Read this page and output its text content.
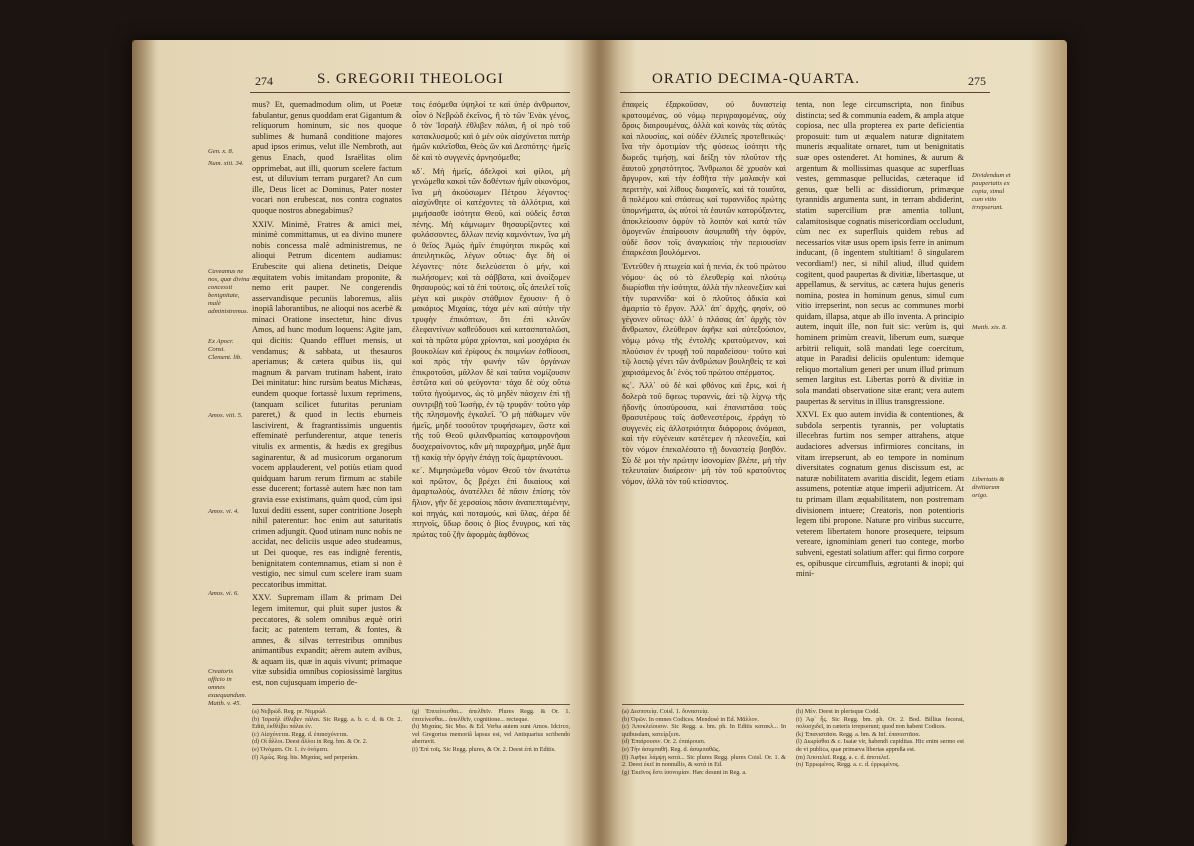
274	S. GREGORII THEOLOGI
Gen. x. 8.
Num. xiii. 34.
Caveamus ne nos, quæ divina concessit benignitate, malè administremus.
Ex Apocr. Const. Clement. lib.
Amos. viii. 5.
Amos. vi. 4.
Amos. vi. 6.
Creatoris officio in omnes exaequandum. Matth. v. 45.

mus? Et, quemadmodum olim, ut Poetæ fabulantur, genus quoddam erat Gigantum & reliquorum hominum, sic nos quoque sublimes & humanâ conditione majores apud ipsos erimus, velut ille Nembroth, aut genus Enach, quod Israëlitas olim opprimebat, aut illi, quorum scelere factum est, ut diluvium terram purgaret? An cum ille, Deus licet ac Dominus, Pater noster vocari non erubescat, nos contra cognatos quoque nostros abnegabimus?

XXIV. Minimè, Fratres & amici mei, minimè committamus, ut ea divino munere nobis concessa malè administremus, ne alioqui Petrum dicentem audiamus: Erubescite qui aliena detinetis, Deique æquitatem vobis imitandam proponite, & nemo erit pauper. Ne congerendis asservandisque pecuniis laboremus, aliis inopiâ laborantibus, ne alioqui nos acerbè & minaci Oratione insectetur, hinc divus Amos, ad hunc modum loquens: Agite jam, qui dicitis: Quando effluet mensis, ut vendamus; & sabbata, ut thesauros aperiamus; & cætera quibus iis, qui magnum & parvam trutinam habent, irato Dei minitatur: hinc rursùm beatus Michæas, eundem quoque fortassè luxum reprimens, (tanquam scilicet futuritas peruniam pareret,) & quod in lectis eburneis lascivirent, & fragrantissimis unguentis effeminatè perfunderentur, atque teneris vitulis ex armentis, & hædis ex gregibus saginarentur, & ad musicorum organorum vocem applauderent, vel potiùs etiam quod quidquam harum rerum firmum ac stabile esse ducerent; fortassè autem hæc non tam gravia esse existimans, quàm quod, cùm ipsi luxui dediti essent, super contritione Joseph nihil paterentur: hoc enim aut saturitatis crimen adjungit. Quod utinam nunc nobis ne accidat, nec deliciis usque adeo studeamus, ut Dei quoque, res eas indignè ferentis, benignitatem contemnamus, etiam si non è vestigio, nec simul cum scelere iram suam peccatoribus immittat.

XXV. Supremam illam & primam Dei legem imitemur, qui pluit super justos & peccatores, & solem omnibus æquè oriri facit; ac patentem terram, & fontes, & amnes, & silvas terrestribus omnibus animantibus expandit; aërem autem avibus, & aquam iis, quæ in aquis vivunt; primaque vitæ subsidia omnibus copiosissimè largitus est, non cujusquam imperio de-

τοις ἐσόμεθα ὑψηλοί τε καὶ ὑπὲρ ἀνθρωπον, οἷον ὁ Νεβρώδ ἐκεῖνος, ἢ τὸ τῶν Ἐνὰκ γένος, ὃ τὸν Ἰσραὴλ ἐθλιβεν πάλαι, ἢ οἱ πρὸ τοῦ κατακλυσμοῦ; καὶ ὁ μὲν οὐκ αἰσχύνεται πατὴρ ἡμῶν καλεῖσθαι, Θεὸς ὢν καὶ Δεσπότης· ἡμεῖς δὲ καὶ τὸ συγγενὲς ἀρνησόμεθα;

κδ΄. Μὴ ἡμεῖς, ἀδελφοὶ καὶ φίλοι, μὴ γενώμεθα κακοὶ τῶν δοθέντων ἡμῖν οἰκονόμοι, ἵνα μὴ ἀκούσωμεν Πέτρου λέγοντος· αἰσχύνθητε οἱ κατέχοντες τὰ ἀλλότρια, καὶ μιμήσασθε ἰσότητα Θεοῦ, καὶ οὐδεὶς ἔσται πένης. Μὴ κάμνωμεν θησαυρίζοντες καὶ φυλάσσοντες, ἄλλων πενίᾳ καμνόντων, ἵνα μὴ ὁ θεῖος Ἀμὼς ἡμῖν ἐπιφύηται πικρῶς καὶ ἀπειλητικῶς, λέγων οὕτως· ἄγε δὴ οἱ λέγοντες· πότε διελεύσεται ὁ μήν, καὶ πωλήσομεν; καὶ τὰ σάββατα, καὶ ἀνοίξομεν θησαυρούς; καὶ τὰ ἐπὶ τούτοις, οἷς ἀπειλεῖ τοῖς μέγα καὶ μικρὸν στάθμιον ἔχουσιν· ἢ ὁ μακάριος Μιχαίας, τάχα μὲν καὶ αὐτὴν τὴν τρυφὴν ἐπικόπτων, ὅτι ἐπὶ κλινῶν ἐλεφαντίνων καθεύδουσι καὶ κατασπαταλῶσι, καὶ τὰ πρῶτα μύρα χρίονται, καὶ μοσχάρια ἐκ βουκολίων καὶ ἐρίφους ἐκ ποιμνίων ἐσθίουσι, καὶ πρὸς τὴν φωνὴν τῶν ὀργάνων ἐπικροτοῦσι, μᾶλλον δὲ καὶ ταῦτα νομίζουσιν ἑστῶτα καὶ οὐ φεύγοντα· τάχα δὲ οὐχ οὕτω ταῦτα ἡγούμενος, ὡς τὸ μηδὲν πάσχειν ἐπὶ τῇ συντριβῇ τοῦ Ἰωσὴφ, ἐν τῷ τρυφᾶν· τοῦτο γὰρ τῆς πλησμονῆς ἐγκαλεῖ. Ὃ μὴ πάθωμεν νῦν ἡμεῖς, μηδὲ τοσοῦτον τρυφήσωμεν, ὥστε καὶ τῆς τοῦ Θεοῦ φιλανθρωπίας καταφρονῆσαι δυσχεραίνοντος, κἂν μὴ παραχρῆμα, μηδὲ ἅμα τῇ κακίᾳ τὴν ὀργὴν ἐπάγῃ τοῖς ἁμαρτάνουσι.

κε΄. Μιμησώμεθα νόμον Θεοῦ τὸν ἀνωτάτω καὶ πρῶτον, ὃς βρέχει ἐπὶ δικαίους καὶ ἁμαρτωλοὺς, ἀνατέλλει δὲ πᾶσιν ἐπίσης τὸν ἥλιον, γῆν δὲ χερσαίοις πᾶσιν ἀναπεπταμένην, καὶ πηγάς, καὶ ποταμούς, καὶ ὕλας, ἀέρα δὲ πτηνοῖς, ὕδωρ ὅσοις ὁ βίος ἔνυγρος, καὶ τὰς πρώτας τοῦ ζῆν ἀφορμὰς ἀφθόνως

(a) Νεβρώδ. Reg. pr. Νεμρώδ.
(b) Ἰσραὴλ ἐθλιβεν πάλαι. Sic Regg. a. b. c. d. & Or. 2. Editi, ἐκθλίβει πάλαι ἐν.
(c) Αἰσχύνεται. Regg. d. ἐπαισχύνεται.
(d) Οἱ ἄλλοι. Deest ἄλλοι in Reg. bm. & Or. 2.
(e) Ὀνόματι. Or. 1. ἐν ὀνόματι.
(f) Ἀμὼς. Reg. bis. Μιχαίας, sed perperàm.
(g) Ἐπιτείνεσθαι... ἀπελθεῖν. Plures Regg. & Or. 1. ἐπιτείνεσθαι... ἀπελθεῖν, cognitione... recteque.
(h) Μιχαίας. Sic Mss. & Ed. Verba autem sunt Amos. Idcirco, vel Gregorius memoriâ lapsus est, vel Antiquarius scribendo aberravit.
(i) Ἐπὶ τοῖς. Sic Regg. plures, & Or. 2. Deest ἐπὶ in Editis.
ORATIO DECIMA-QUARTA.	275

ἐπαφεὶς ἐξαρκοῦσαν, οὐ δυναστείᾳ κρατουμένας, οὐ νόμῳ περιγραφομένας, οὐχ ὅροις διαιρουμένας, ἀλλὰ καὶ κοινὰς τὰς αὐτὰς καὶ πλουσίας, καὶ οὐδὲν ἐλλιπεῖς προτεθεικώς· ἵνα τὴν ὁμοτιμίαν τῆς φύσεως ἰσότητι τῆς δωρεᾶς τιμήσῃ, καὶ δείξῃ τὸν πλοῦτον τῆς ἑαυτοῦ χρηστότητος. Ἄνθρωποι δὲ χρυσὸν καὶ ἄργυρον, καὶ τὴν ἐσθῆτα τὴν μαλακὴν καὶ περιττὴν, καὶ λίθους διαφανεῖς, καὶ τὰ τοιαῦτα, ἃ πολέμου καὶ στάσεως καὶ τυραννίδος πρώτης ὑπομνήματα, ὡς αὐτοὶ τὰ ἑαυτῶν κατορύξαντες, ἀποκλείουσιν ὀφρὺν τὸ λοιπὸν καὶ κατὰ τῶν ὁμογενῶν ἐπαίρουσιν ἀσυμπαθῆ τὴν ὀφρύν, οὐδὲ ὅσον τοῖς ἀναγκαίοις τὴν περιουσίαν ἐπαρκέσαι βουλόμενοι.

Ἐντεῦθεν ἡ πτωχεία καὶ ἡ πενία, ἐκ τοῦ πρώτου νόμου· ὡς οὐ τὸ ἐλευθερίᾳ καὶ πλούτῳ διωρίσθαι τὴν ἰσότητα, ἀλλὰ τὴν πλεονεξίαν καὶ τὴν τυραννίδα· καὶ ὁ πλοῦτος ἀδικία καὶ ἁμαρτία τὸ ἔργον. Ἀλλ᾽ ἀπ᾽ ἀρχῆς, φησὶν, οὐ γέγονεν οὕτως· ἀλλ᾽ ὁ πλάσας ἀπ᾽ ἀρχῆς τὸν ἄνθρωπον, ἐλεύθερον ἀφῆκε καὶ αὐτεξούσιον, νόμῳ μόνῳ τῆς ἐντολῆς κρατούμενον, καὶ πλούσιον ἐν τρυφῇ τοῦ παραδείσου· τοῦτο καὶ τῷ λοιπῷ γένει τῶν ἀνθρώπων βουληθεὶς τε καὶ χαρισάμενος δι᾽ ἑνὸς τοῦ πρώτου σπέρματος.

κς΄. Ἀλλ᾽ οὐ δὲ καὶ φθόνος καὶ ἔρις, καὶ ἡ δολερὰ τοῦ ὄφεως τυραννίς, ἀεὶ τῷ λίχνῳ τῆς ἡδονῆς ὑποσύρουσα, καὶ ἐπανιστᾶσα τοὺς θρασυτέρους τοῖς ἀσθενεστέροις, ἐρράγη τὸ συγγενὲς εἰς ἀλλοτριότητα διάφοροις ὀνόμασι, καὶ τὴν εὐγένειαν κατέτεμεν ἡ πλεονεξία, καὶ τὸν νόμον ἐπεκαλέσατο τῇ δυναστείᾳ βοηθόν. Σὺ δὲ μοι τὴν πρώτην ἰσονομίαν βλέπε, μὴ τὴν τελευταίαν διαίρεσιν· μὴ τὸν τοῦ κρατοῦντος νόμον, ἀλλὰ τὸν τοῦ κτίσαντος.

tenta, non lege circumscripta, non finibus distincta; sed & communia eadem, & ampla atque copiosa, nec ulla propterea ex parte deficientia proposuit: tum ut æqualem naturæ dignitatem muneris æqualitate ornaret, tum ut benignitatis suæ opes ostenderet. At homines, & aurum & argentum & mollissimas quasque ac superfluas vestes, gemmasque pellucidas, cæteraque id genus, quæ belli ac dissidiorum, primæque tyrannidis argumenta sunt, in terram abdiderint, statim supercilium præ amentia tollunt, calamitosisque cognatis misericordiam occludunt, cùm nec ex superfluis quidem rebus ad necessarios vitæ usus opem ipsis ferre in animum inducant, (ô ingentem stultitiam! ô singularem vecordiam!) nec, si nihil aliud, illud quidem cogitent, quod paupertas & divitiæ, libertasque, ut appellamus, & servitus, ac cætera hujus generis nomina, postea in hominum genus, simul cum vitio irrepserint, non secus ac communes morbi quidam, illapsa, atque ab illo inventa. A principio autem, inquit ille, non fuit sic: verùm is, qui hominem primùm creavit, liberum eum, suæque arbitrii reliquit, solâ mandati lege coercitum, atque in Paradisi deliciis opulentum: idemque reliquo mortalium generi per unum illud primum semen largitus est. Libertas porrò & divitiæ in sola mandati observatione sitæ erant; vera autem paupertas & servitus in illius transgressione.

XXVI. Ex quo autem invidia & contentiones, & subdola serpentis tyrannis, per voluptatis illecebras furtim nos semper attrahens, atque audaciores adversus infirmiores concitans, in vitam irrepserunt, ab eo tempore in nominum diversitates cognatum genus discissum est, ac naturæ nobilitatem avaritia discidit, legem etiam assumens, potentiæ atque imperii adjutricem. At tu primam illam æquabilitatem, non postremam divisionem intuere; Creatoris, non potentioris legem tibi propone. Naturæ pro viribus succurre, veterem libertatem honore prosequere, teipsum vereare, ignominiam generi tuo contege, morbo subveni, egestati solatium affer: qui firmo corpore es, opibusque circumfluis, ægrotanti & inopi; qui mini-

Dividendum et paupertatis ex copia, simul cum vitio irrepserunt.
Matth. xix. 8.
Libertatis & divitiarum origo.
(a) Δεσποτείᾳ. Coisl. 1. δυναστείᾳ.
(b) Ὁρῶν. In omnes Codices. Mendosè in Ed. Μᾶλλον.
(c) Ἀποκλείουσιν. Sic Regg. a. bm. ph. In Editis κατακλ... In quibusdam, κατείρξεσι.
(d) Ἐπαίρουσιν. Or. 2. ἐπαίρουσι.
(e) Τὴν ἀσυμπαθῆ. Reg. d. ἀσυμπαθῶς.
(f) Ἀφῆκε λάμψῃ κατὰ... Sic plures Regg. plures Coisl. Or. 1. & 2. Deest ἐκεῖ in nonnullis, & κατὰ in Ed.
(g) Ἐκεῖνος ἔστι ἰσονομίαν. Hæc desunt in Reg. a.
(h) Μὲν. Deest in plerisque Codd.
(i) Ἀφ᾽ ἧς. Sic Regg. bm. ph. Or. 2. Bod. Billius fecerat, πολυσχιδεῖ, in cæteris irrepserunt; quod non habent Codices.
(k) Ἐπανιστᾶσα. Regg. a. bm. & Inf. ἐπανεστᾶσα.
(l) Διωρίσθαι & c. Isaiæ vir, habendi cupiditas. Hic enim sermo est de vi publica, quæ primæva libertas appreßa est.
(m) Ἀποτελεῖ. Regg. a. c. d. ἀποτελεῖ.
(n) Ἐρρωμένος. Regg. a. c. d. ἐρρωμένος.
